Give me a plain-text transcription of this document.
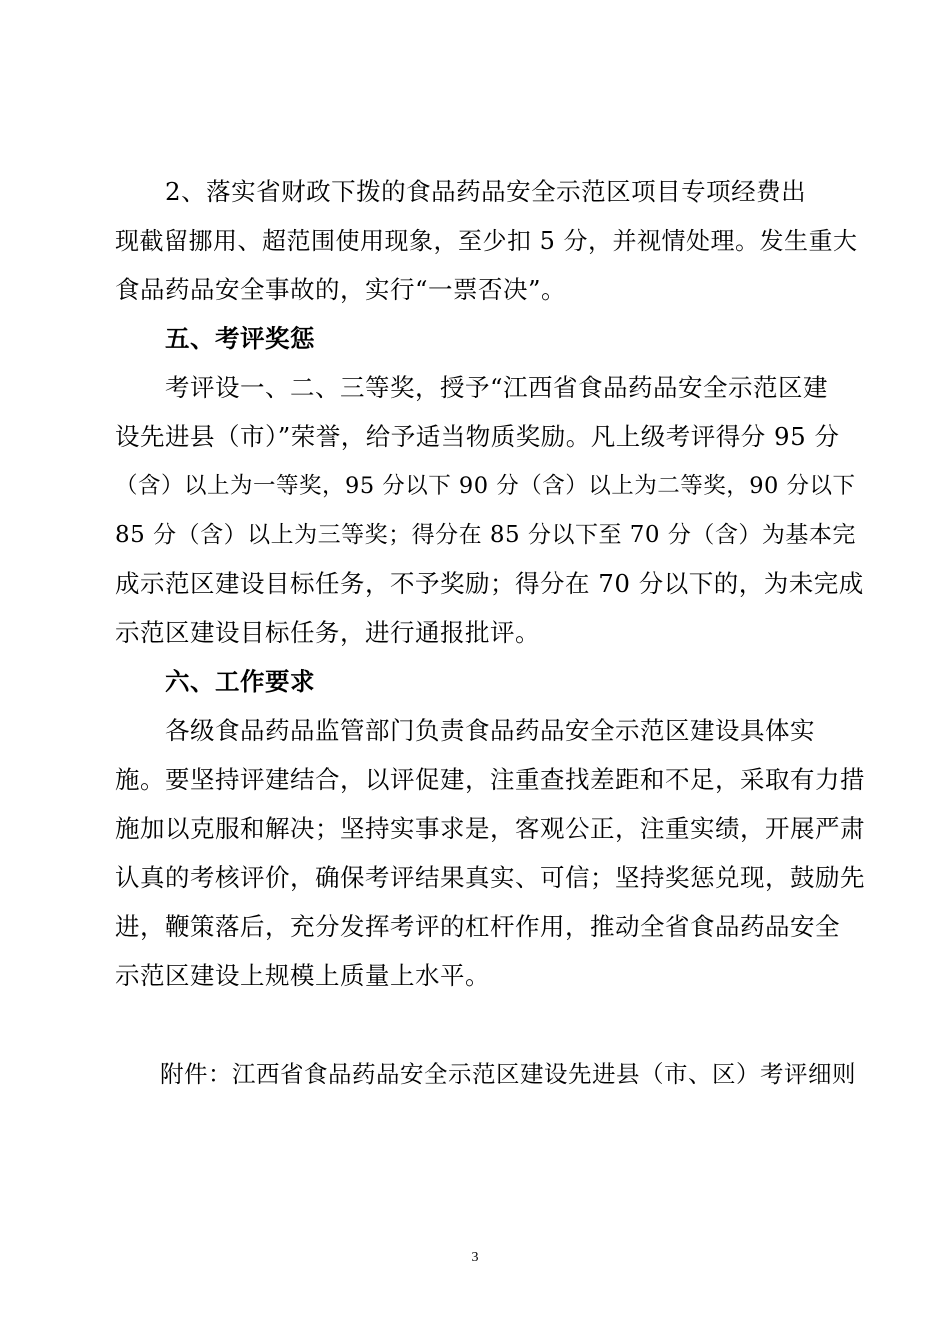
2、落实省财政下拨的食品药品安全示范区项目专项经费出
现截留挪用、超范围使用现象，至少扣 5 分，并视情处理。发生重大
食品药品安全事故的，实行“一票否决”。
五、考评奖惩
考评设一、二、三等奖，授予“江西省食品药品安全示范区建
设先进县（市）”荣誉，给予适当物质奖励。凡上级考评得分 95 分
（含）以上为一等奖，95 分以下 90 分（含）以上为二等奖，90 分以下
85 分（含）以上为三等奖；得分在 85 分以下至 70 分（含）为基本完
成示范区建设目标任务，不予奖励；得分在 70 分以下的，为未完成
示范区建设目标任务，进行通报批评。
六、工作要求
各级食品药品监管部门负责食品药品安全示范区建设具体实
施。要坚持评建结合，以评促建，注重查找差距和不足，采取有力措
施加以克服和解决；坚持实事求是，客观公正，注重实绩，开展严肃
认真的考核评价，确保考评结果真实、可信；坚持奖惩兑现，鼓励先
进，鞭策落后，充分发挥考评的杠杆作用，推动全省食品药品安全
示范区建设上规模上质量上水平。
附件：江西省食品药品安全示范区建设先进县（市、区）考评细则
3
